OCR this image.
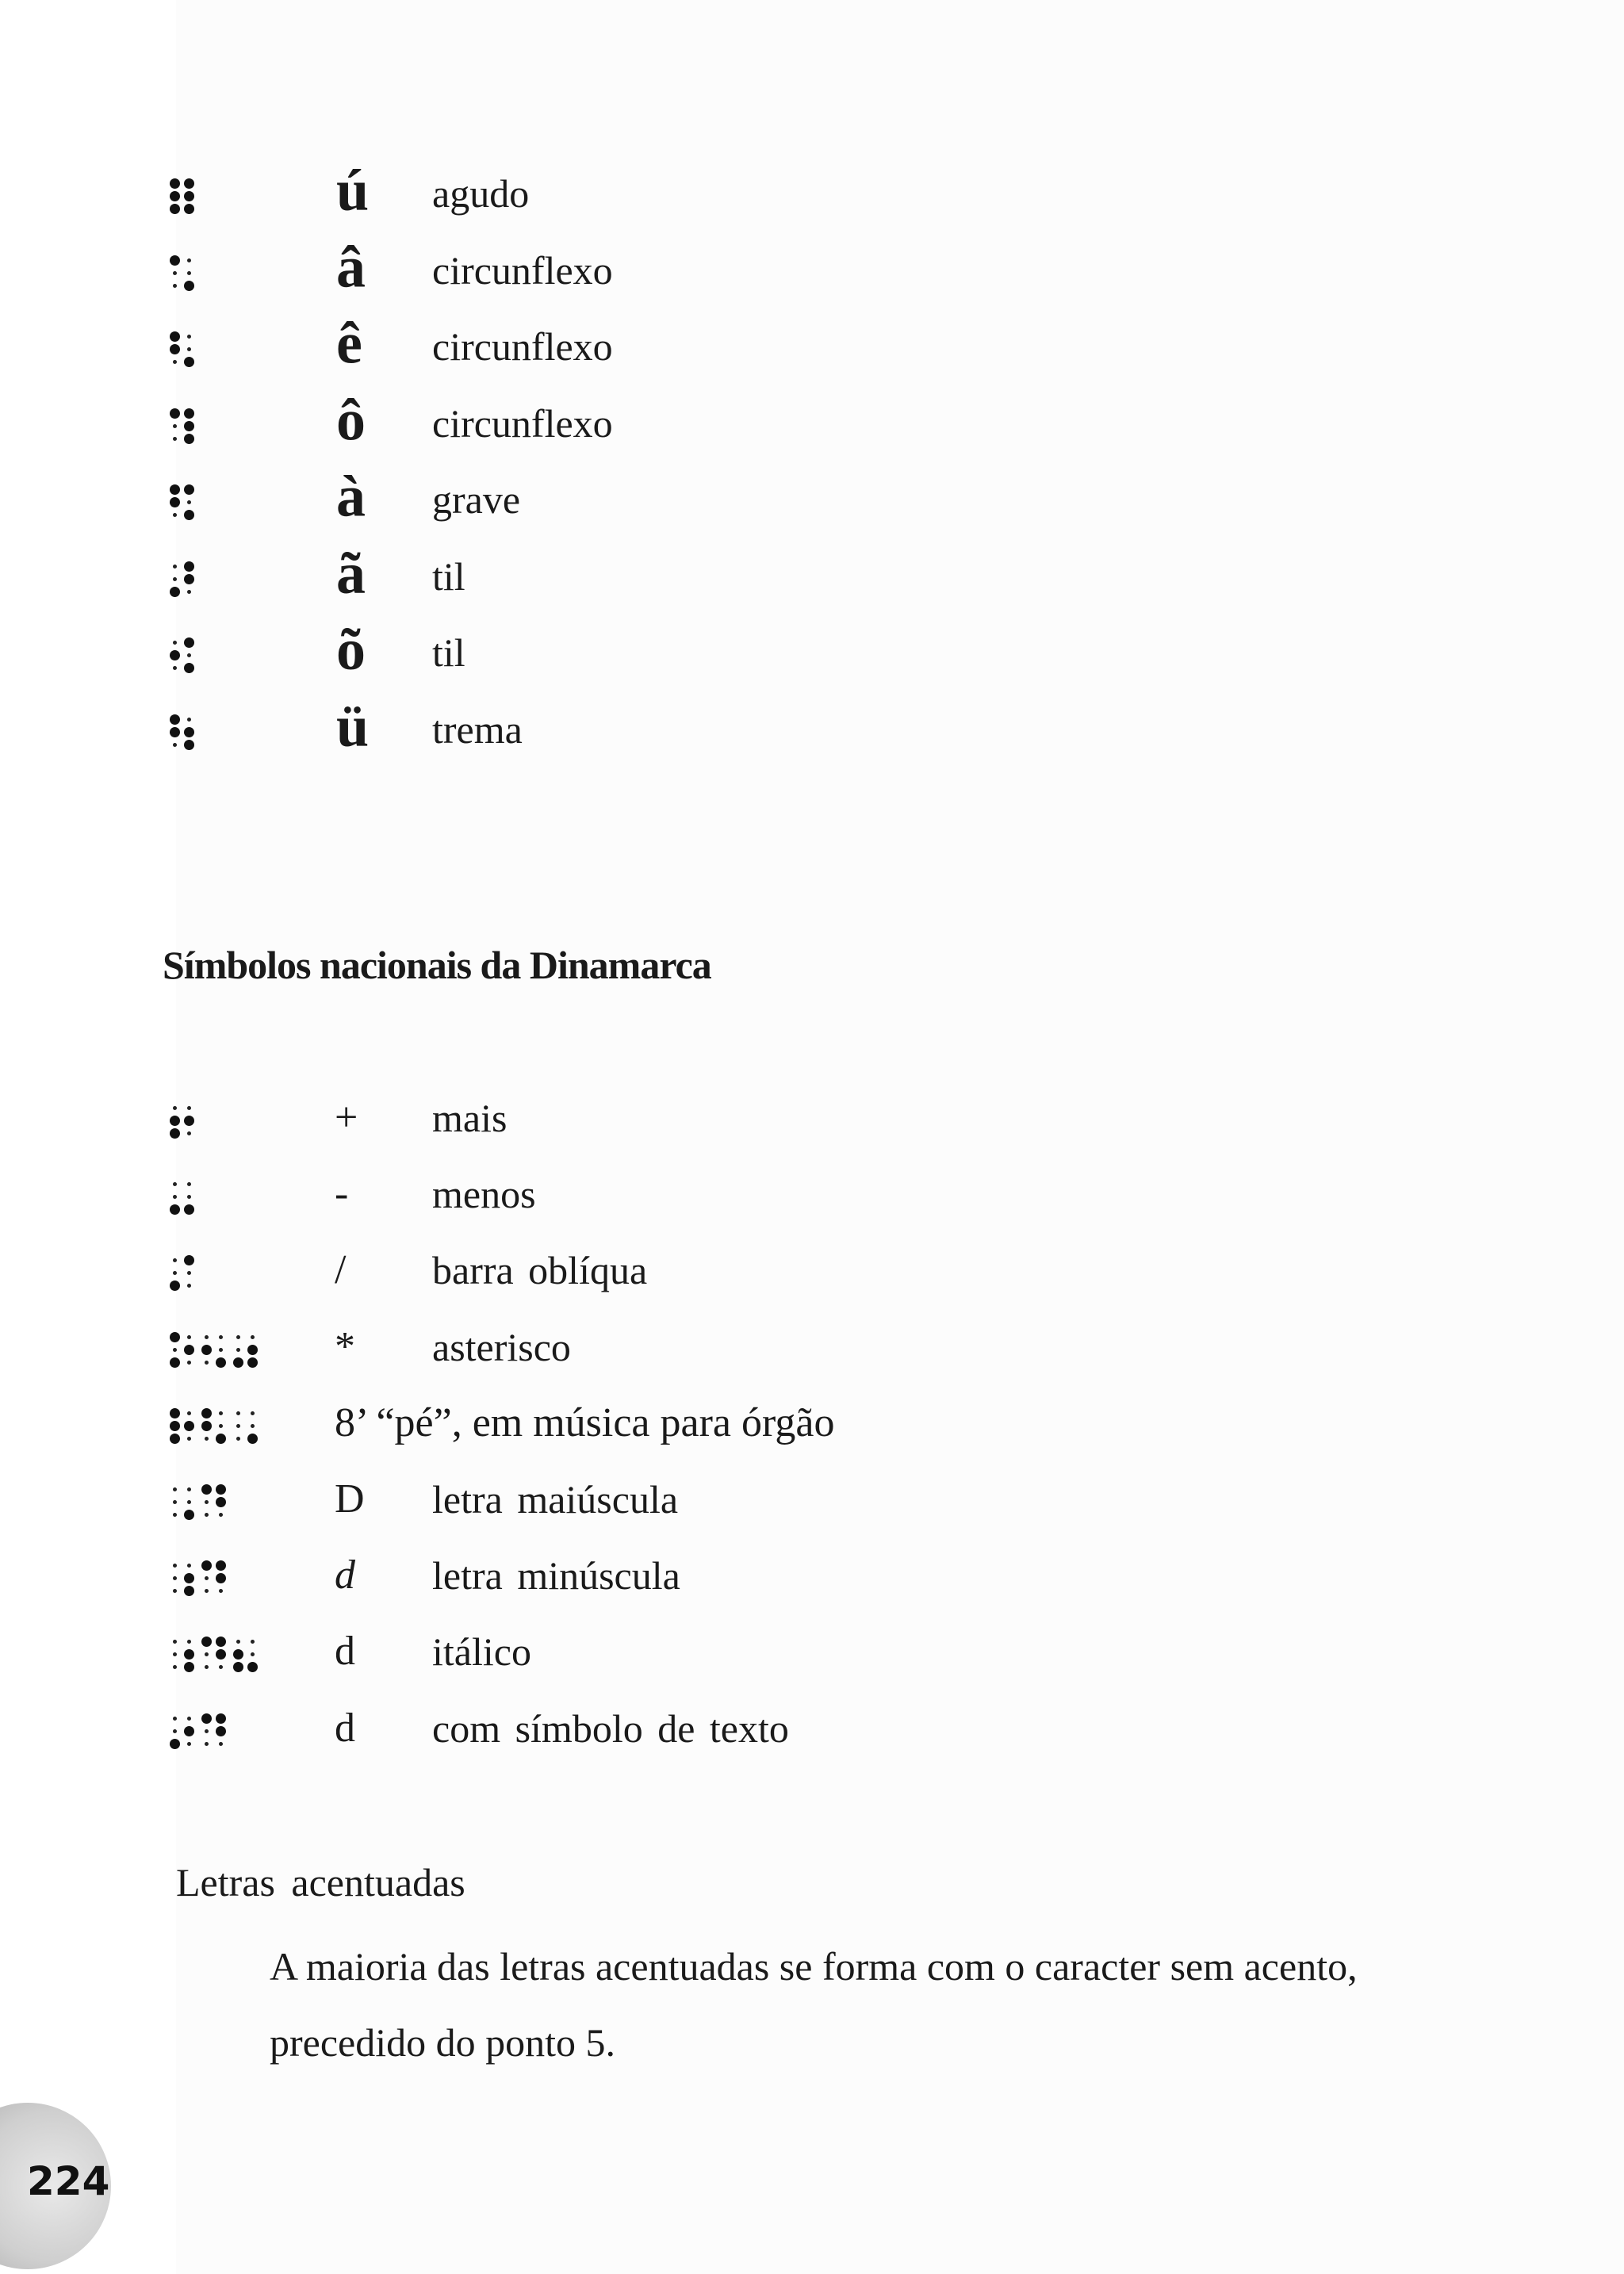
ú agudo
â circunflexo
ê circunflexo
ô circunflexo
à grave
ã til
õ til
ü trema
Símbolos nacionais da Dinamarca
+ mais
- menos
/ barra oblíqua
* asterisco
8’ “pé”, em música para órgão
D letra maiúscula
d letra minúscula
d itálico
d com símbolo de texto
Letras acentuadas
A maioria das letras acentuadas se forma com o caracter sem acento, precedido do ponto 5.
224
